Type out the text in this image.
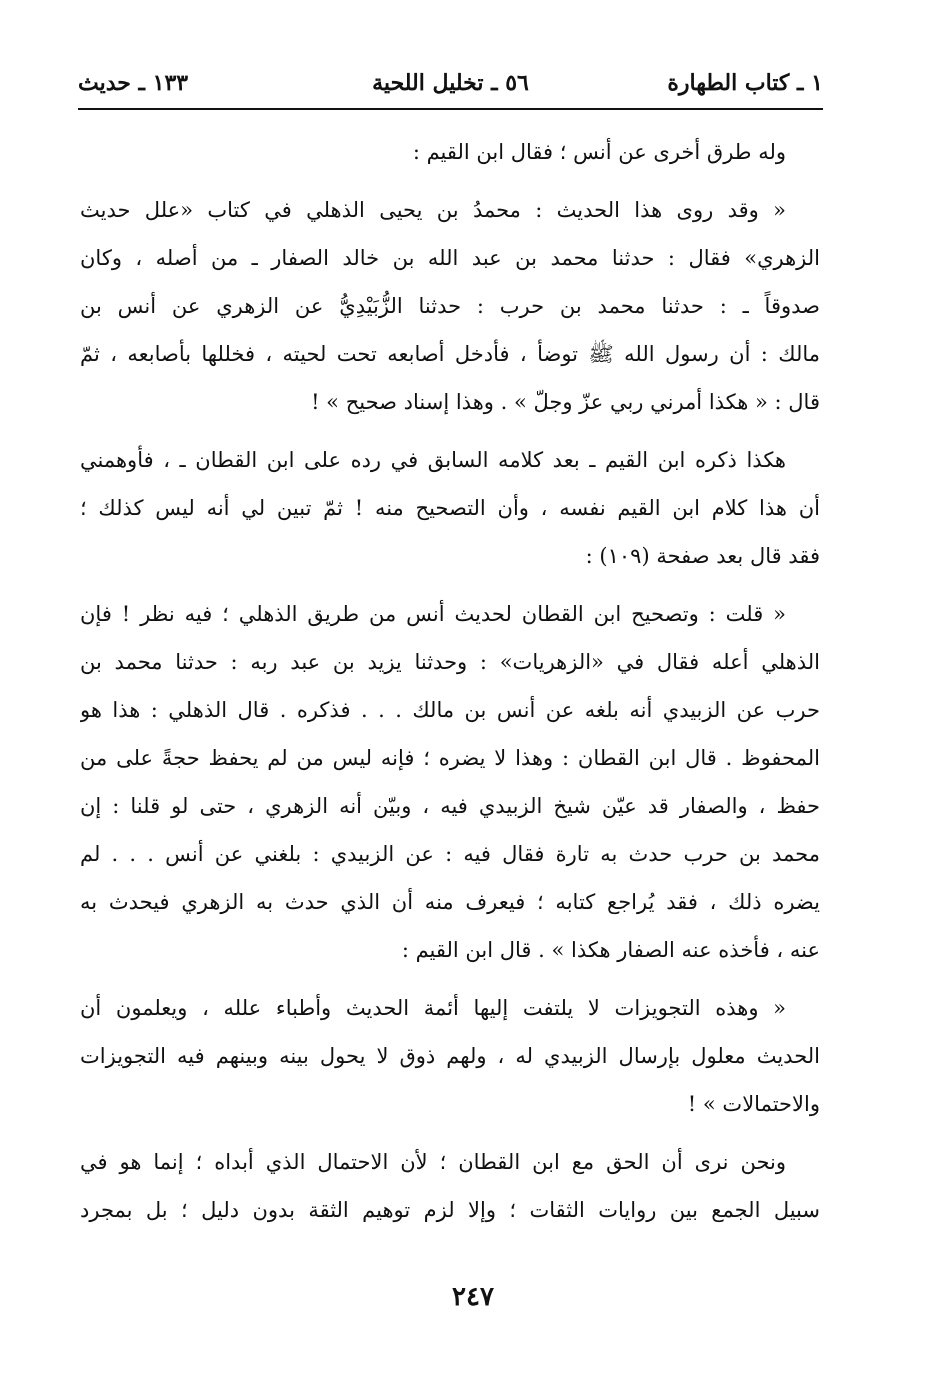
١ ـ كتاب الطهارة
٥٦ ـ تخليل اللحية
١٣٣ ـ حديث
وله طرق أخرى عن أنس ؛ فقال ابن القيم :
« وقد روى هذا الحديث : محمدُ بن يحيى الذهلي في كتاب «علل حديث
الزهري» فقال : حدثنا محمد بن عبد الله بن خالد الصفار ـ من أصله ، وكان
صدوقاً ـ : حدثنا محمد بن حرب : حدثنا الزُّبَيْدِيُّ عن الزهري عن أنس بن
مالك : أن رسول الله ﷺ توضأ ، فأدخل أصابعه تحت لحيته ، فخللها بأصابعه ، ثمّ
قال : « هكذا أمرني ربي عزّ وجلّ » . وهذا إسناد صحيح » !
هكذا ذكره ابن القيم ـ بعد كلامه السابق في رده على ابن القطان ـ ، فأوهمني
أن هذا كلام ابن القيم نفسه ، وأن التصحيح منه ! ثمّ تبين لي أنه ليس كذلك ؛
فقد قال بعد صفحة (١٠٩) :
« قلت : وتصحيح ابن القطان لحديث أنس من طريق الذهلي ؛ فيه نظر ! فإن
الذهلي أعله فقال في «الزهريات» : وحدثنا يزيد بن عبد ربه : حدثنا محمد بن
حرب عن الزبيدي أنه بلغه عن أنس بن مالك . . . فذكره . قال الذهلي : هذا هو
المحفوظ . قال ابن القطان : وهذا لا يضره ؛ فإنه ليس من لم يحفظ حجةً على من
حفظ ، والصفار قد عيّن شيخ الزبيدي فيه ، وبيّن أنه الزهري ، حتى لو قلنا : إن
محمد بن حرب حدث به تارة فقال فيه : عن الزبيدي : بلغني عن أنس . . . لم
يضره ذلك ، فقد يُراجع كتابه ؛ فيعرف منه أن الذي حدث به الزهري فيحدث به
عنه ، فأخذه عنه الصفار هكذا » . قال ابن القيم :
« وهذه التجويزات لا يلتفت إليها أئمة الحديث وأطباء علله ، ويعلمون أن
الحديث معلول بإرسال الزبيدي له ، ولهم ذوق لا يحول بينه وبينهم فيه التجويزات
والاحتمالات » !
ونحن نرى أن الحق مع ابن القطان ؛ لأن الاحتمال الذي أبداه ؛ إنما هو في
سبيل الجمع بين روايات الثقات ؛ وإلا لزم توهيم الثقة بدون دليل ؛ بل بمجرد
٢٤٧
